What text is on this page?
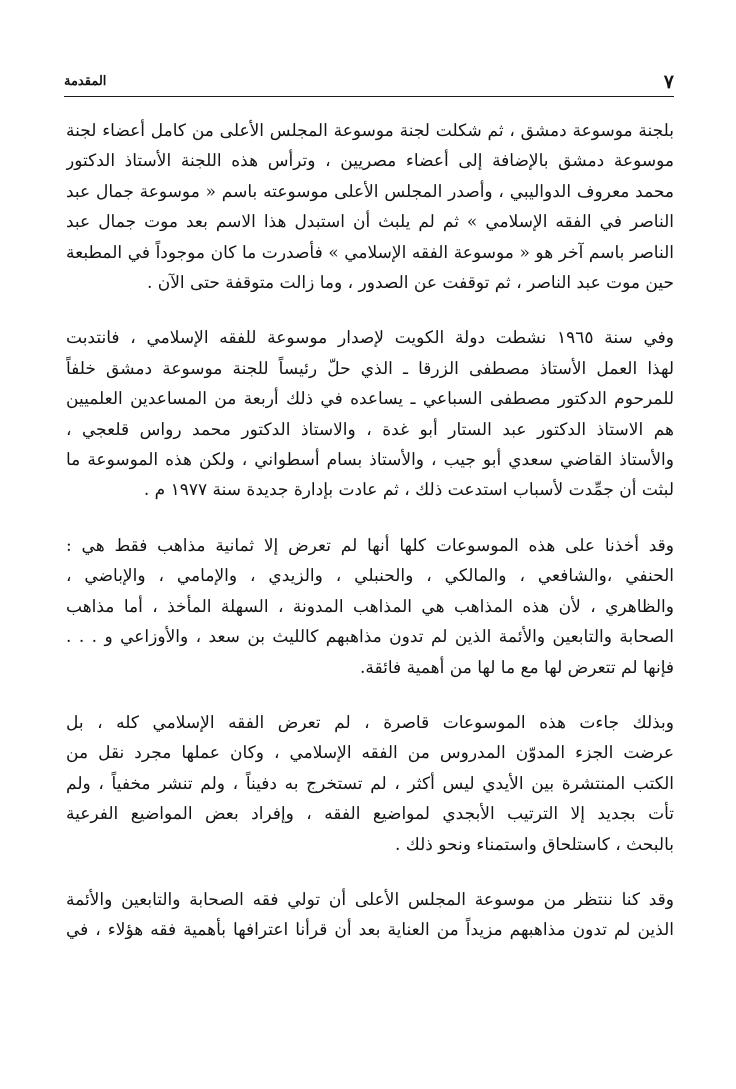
٧
المقدمة

بلجنة موسوعة دمشق ، ثم شكلت لجنة موسوعة المجلس الأعلى من كامل أعضاء لجنة
موسوعة دمشق بالإضافة إلى أعضاء مصريين ، وترأس هذه اللجنة الأستاذ الدكتور
محمد معروف الدواليبي ، وأصدر المجلس الأعلى موسوعته باسم « موسوعة جمال عبد
الناصر في الفقه الإسلامي » ثم لم يلبث أن استبدل هذا الاسم بعد موت جمال عبد
الناصر باسم آخر هو « موسوعة الفقه الإسلامي » فأصدرت ما كان موجوداً في المطبعة
حين موت عبد الناصر ، ثم توقفت عن الصدور ، وما زالت متوقفة حتى الآن .

وفي سنة ١٩٦٥ نشطت دولة الكويت لإصدار موسوعة للفقه الإسلامي ، فانتدبت
لهذا العمل الأستاذ مصطفى الزرقا ـ الذي حلّ رئيساً للجنة موسوعة دمشق خلفاً
للمرحوم الدكتور مصطفى السباعي ـ يساعده في ذلك أربعة من المساعدين العلميين
هم الاستاذ الدكتور عبد الستار أبو غدة ، والاستاذ الدكتور محمد رواس قلعجي ،
والأستاذ القاضي سعدي أبو جيب ، والأستاذ بسام أسطواني ، ولكن هذه الموسوعة ما
لبثت أن جمِّدت لأسباب استدعت ذلك ، ثم عادت بإدارة جديدة سنة ١٩٧٧ م .

وقد أخذنا على هذه الموسوعات كلها أنها لم تعرض إلا ثمانية مذاهب فقط هي :
الحنفي ،والشافعي ، والمالكي ، والحنبلي ، والزيدي ، والإمامي ، والإباضي ،
والظاهري ، لأن هذه المذاهب هي المذاهب المدونة ، السهلة المأخذ ، أما مذاهب
الصحابة والتابعين والأئمة الذين لم تدون مذاهبهم كالليث بن سعد ، والأوزاعي و . . .
فإنها لم تتعرض لها مع ما لها من أهمية فائقة.

وبذلك جاءت هذه الموسوعات قاصرة ، لم تعرض الفقه الإسلامي كله ، بل
عرضت الجزء المدوّن المدروس من الفقه الإسلامي ، وكان عملها مجرد نقل من
الكتب المنتشرة بين الأيدي ليس أكثر ، لم تستخرج به دفيناً ، ولم تنشر مخفياً ، ولم
تأت بجديد إلا الترتيب الأبجدي لمواضيع الفقه ، وإفراد بعض المواضيع الفرعية
بالبحث ، كاستلحاق واستمناء ونحو ذلك .

وقد كنا ننتظر من موسوعة المجلس الأعلى أن تولي فقه الصحابة والتابعين والأئمة
الذين لم تدون مذاهبهم مزيداً من العناية بعد أن قرأنا اعترافها بأهمية فقه هؤلاء ، في
